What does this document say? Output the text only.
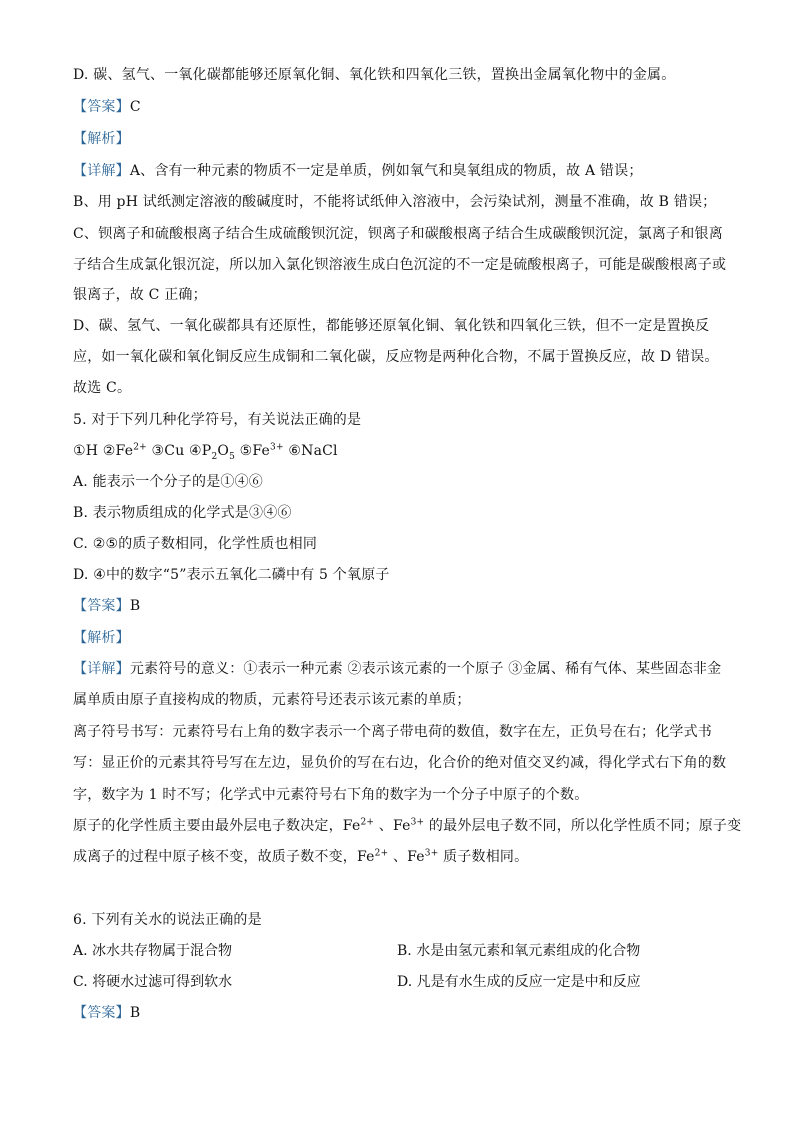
D. 碳、氢气、一氧化碳都能够还原氧化铜、氧化铁和四氧化三铁，置换出金属氧化物中的金属。
【答案】C
【解析】
【详解】A、含有一种元素的物质不一定是单质，例如氧气和臭氧组成的物质，故 A 错误；
B、用 pH 试纸测定溶液的酸碱度时，不能将试纸伸入溶液中，会污染试剂，测量不准确，故 B 错误；
C、钡离子和硫酸根离子结合生成硫酸钡沉淀，钡离子和碳酸根离子结合生成碳酸钡沉淀，氯离子和银离
子结合生成氯化银沉淀，所以加入氯化钡溶液生成白色沉淀的不一定是硫酸根离子，可能是碳酸根离子或
银离子，故 C 正确；
D、碳、氢气、一氧化碳都具有还原性，都能够还原氧化铜、氧化铁和四氧化三铁，但不一定是置换反
应，如一氧化碳和氧化铜反应生成铜和二氧化碳，反应物是两种化合物，不属于置换反应，故 D 错误。
故选 C。
5. 对于下列几种化学符号，有关说法正确的是
①H $②Fe^{2+}$ ③Cu $④P_2O_5$ $⑤Fe^{3+}$ ⑥NaCl
A. 能表示一个分子的是①④⑥
B. 表示物质组成的化学式是③④⑥
C. ②⑤的质子数相同，化学性质也相同
D. ④中的数字“5”表示五氧化二磷中有 5 个氧原子
【答案】B
【解析】
【详解】元素符号的意义：①表示一种元素 ②表示该元素的一个原子 ③金属、稀有气体、某些固态非金
属单质由原子直接构成的物质，元素符号还表示该元素的单质；
离子符号书写：元素符号右上角的数字表示一个离子带电荷的数值，数字在左，正负号在右；化学式书
写：显正价的元素其符号写在左边，显负价的写在右边，化合价的绝对值交叉约减，得化学式右下角的数
字，数字为 1 时不写；化学式中元素符号右下角的数字为一个分子中原子的个数。
原子的化学性质主要由最外层电子数决定，$Fe^{2+}$ 、$Fe^{3+}$ 的最外层电子数不同，所以化学性质不同；原子变
成离子的过程中原子核不变，故质子数不变，$Fe^{2+}$ 、$Fe^{3+}$ 质子数相同。
6. 下列有关水的说法正确的是
A. 冰水共存物属于混合物	B. 水是由氢元素和氧元素组成的化合物
C. 将硬水过滤可得到软水	D. 凡是有水生成的反应一定是中和反应
【答案】B
